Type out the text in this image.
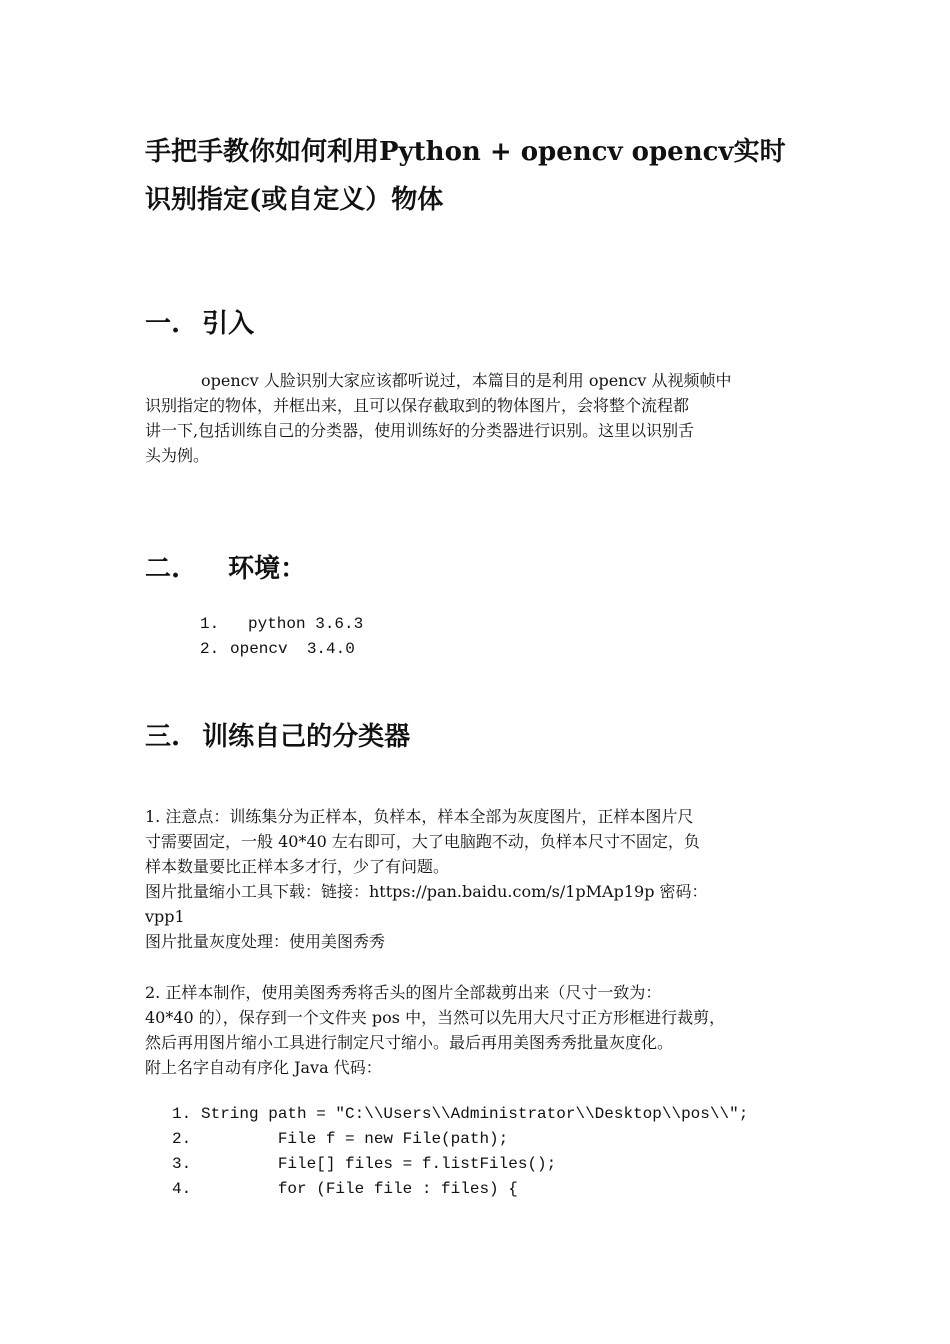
手把手教你如何利用Python + opencv opencv实时
识别指定(或自定义）物体
一. 引入
opencv 人脸识别大家应该都听说过，本篇目的是利用 opencv 从视频帧中
识别指定的物体，并框出来，且可以保存截取到的物体图片，会将整个流程都
讲一下,包括训练自己的分类器，使用训练好的分类器进行识别。这里以识别舌
头为例。
二. 环境：
1. python 3.6.3
2. opencv  3.4.0
三. 训练自己的分类器
1. 注意点：训练集分为正样本，负样本，样本全部为灰度图片，正样本图片尺
寸需要固定，一般 40*40 左右即可，大了电脑跑不动，负样本尺寸不固定，负
样本数量要比正样本多才行，少了有问题。
图片批量缩小工具下载：链接：https://pan.baidu.com/s/1pMAp19p 密码：
vpp1
图片批量灰度处理：使用美图秀秀
2. 正样本制作，使用美图秀秀将舌头的图片全部裁剪出来（尺寸一致为：
40*40 的），保存到一个文件夹 pos 中，当然可以先用大尺寸正方形框进行裁剪，
然后再用图片缩小工具进行制定尺寸缩小。最后再用美图秀秀批量灰度化。
附上名字自动有序化 Java 代码：
1. String path = "C:\\Users\\Administrator\\Desktop\\pos\\";
2. File f = new File(path);
3. File[] files = f.listFiles();
4. for (File file : files) {
